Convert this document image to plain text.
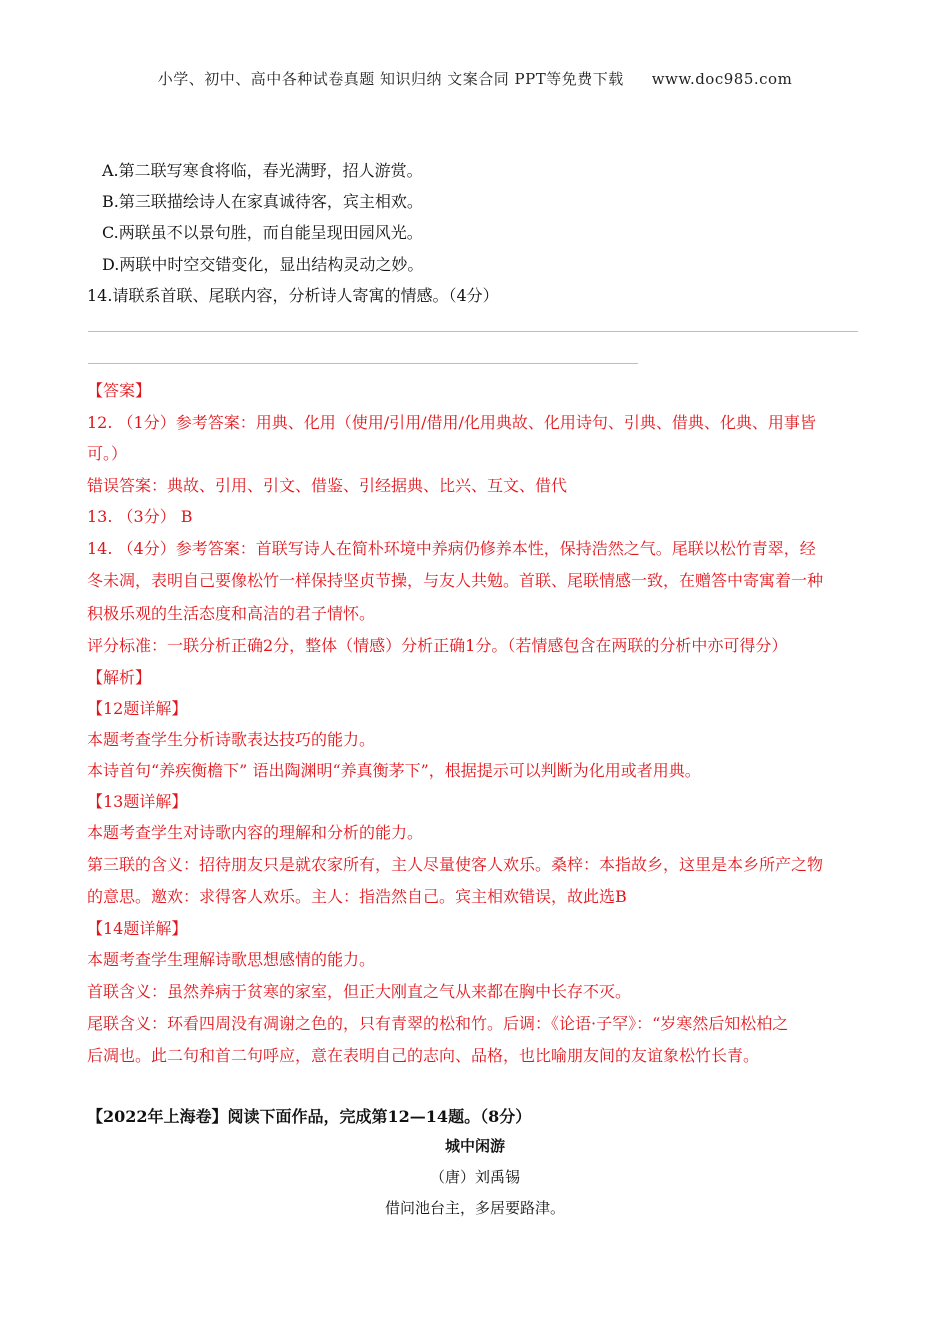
小学、初中、高中各种试卷真题 知识归纳 文案合同 PPT等免费下载 www.doc985.com
A.第二联写寒食将临，春光满野，招人游赏。
B.第三联描绘诗人在家真诚待客，宾主相欢。
C.两联虽不以景句胜，而自能呈现田园风光。
D.两联中时空交错变化，显出结构灵动之妙。
14.请联系首联、尾联内容，分析诗人寄寓的情感。（4分）
【答案】
12. （1分）参考答案：用典、化用（使用/引用/借用/化用典故、化用诗句、引典、借典、化典、用事皆
可。）
错误答案：典故、引用、引文、借鉴、引经据典、比兴、互文、借代
13. （3分） B
14. （4分）参考答案：首联写诗人在简朴环境中养病仍修养本性，保持浩然之气。尾联以松竹青翠，经
冬未凋，表明自己要像松竹一样保持坚贞节操，与友人共勉。首联、尾联情感一致，在赠答中寄寓着一种
积极乐观的生活态度和高洁的君子情怀。
评分标准：一联分析正确2分，整体（情感）分析正确1分。（若情感包含在两联的分析中亦可得分）
【解析】
【12题详解】
本题考查学生分析诗歌表达技巧的能力。
本诗首句“养疾衡檐下” 语出陶渊明“养真衡茅下”，根据提示可以判断为化用或者用典。
【13题详解】
本题考查学生对诗歌内容的理解和分析的能力。
第三联的含义：招待朋友只是就农家所有，主人尽量使客人欢乐。桑梓：本指故乡，这里是本乡所产之物
的意思。邀欢：求得客人欢乐。主人：指浩然自己。宾主相欢错误，故此选B
【14题详解】
本题考查学生理解诗歌思想感情的能力。
首联含义：虽然养病于贫寒的家室，但正大刚直之气从来都在胸中长存不灭。
尾联含义：环看四周没有凋谢之色的，只有青翠的松和竹。后调：《论语·子罕》：“岁寒然后知松柏之
后凋也。此二句和首二句呼应，意在表明自己的志向、品格，也比喻朋友间的友谊象松竹长青。
【2022年上海卷】阅读下面作品，完成第12—14题。（8分）
城中闲游
（唐）刘禹锡
借问池台主，多居要路津。
